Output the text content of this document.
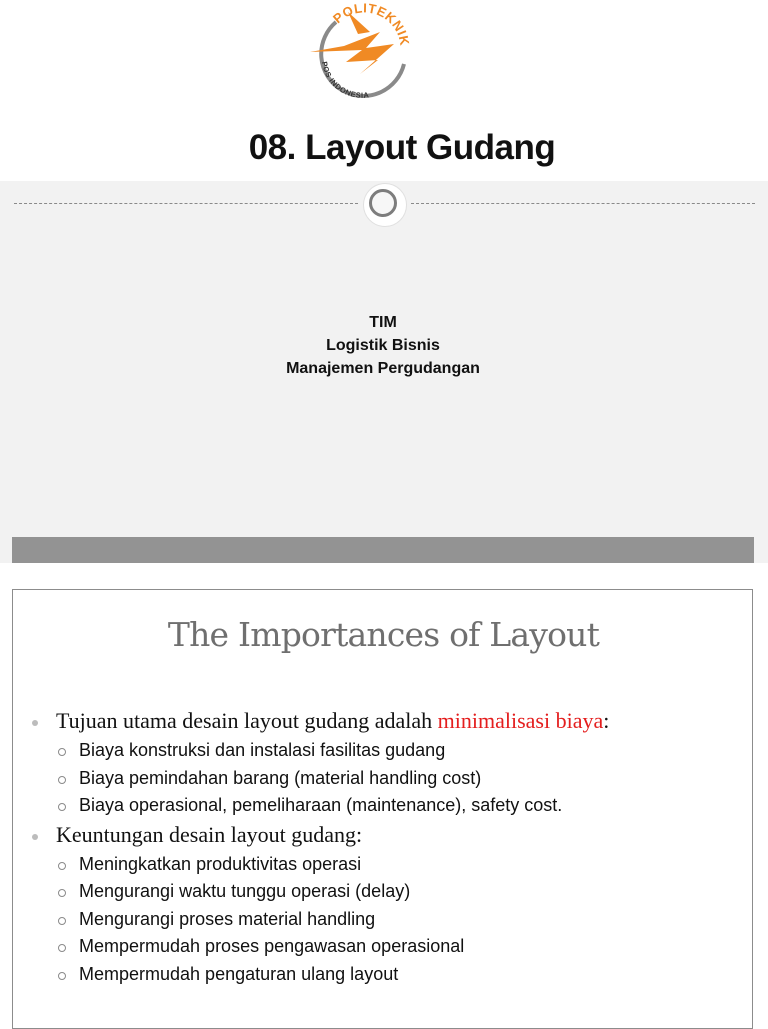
POLITEKNIK
POS INDONESIA
08. Layout Gudang
TIM
Logistik Bisnis
Manajemen Pergudangan
The Importances of Layout
Tujuan utama desain layout gudang adalah minimalisasi biaya:
Biaya konstruksi dan instalasi fasilitas gudang
Biaya pemindahan barang (material handling cost)
Biaya operasional, pemeliharaan (maintenance), safety cost.
Keuntungan desain layout gudang:
Meningkatkan produktivitas operasi
Mengurangi waktu tunggu operasi (delay)
Mengurangi proses material handling
Mempermudah proses pengawasan operasional
Mempermudah pengaturan ulang layout
